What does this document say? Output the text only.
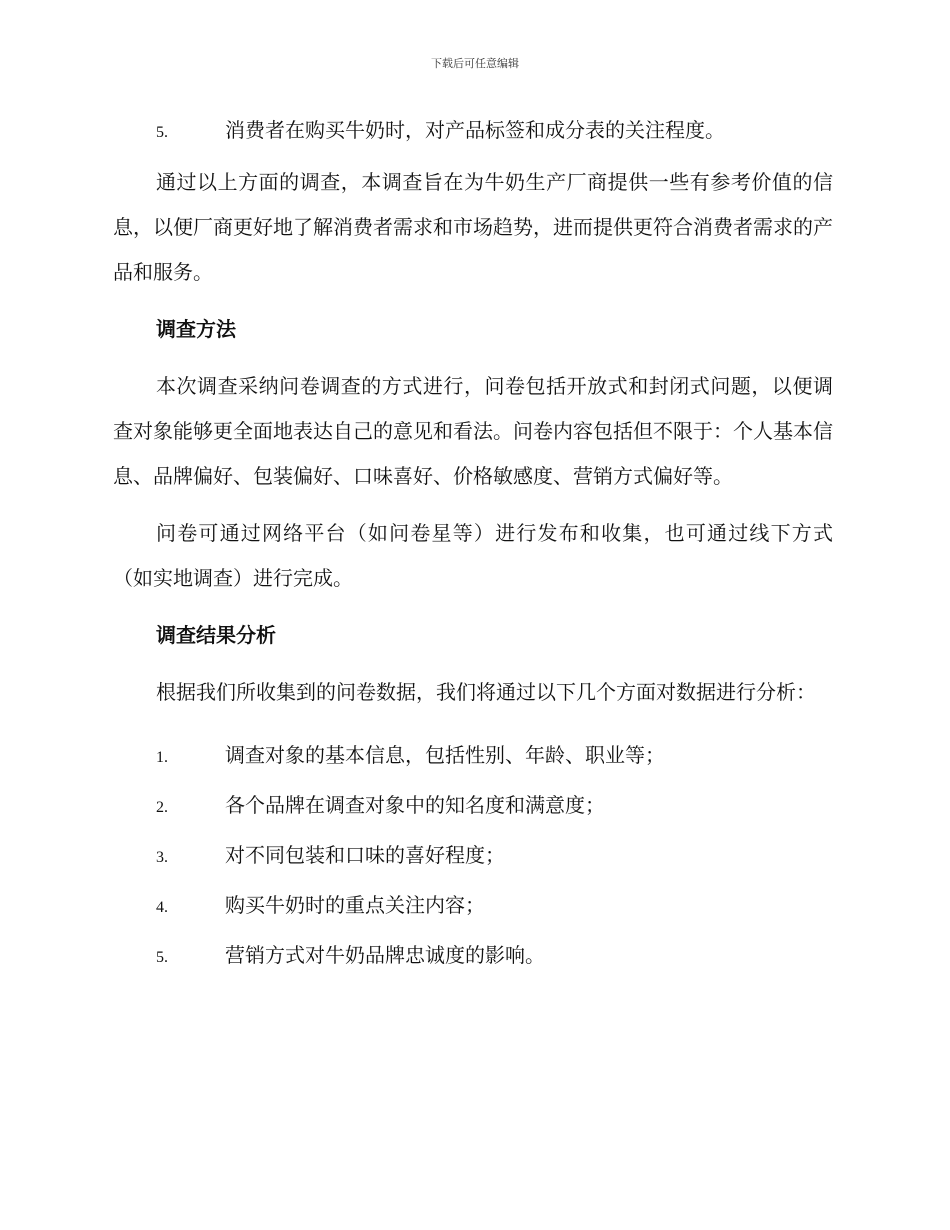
下载后可任意编辑
5.	消费者在购买牛奶时，对产品标签和成分表的关注程度。

通过以上方面的调查，本调查旨在为牛奶生产厂商提供一些有参考价值的信息，以便厂商更好地了解消费者需求和市场趋势，进而提供更符合消费者需求的产品和服务。

调查方法

本次调查采纳问卷调查的方式进行，问卷包括开放式和封闭式问题，以便调查对象能够更全面地表达自己的意见和看法。问卷内容包括但不限于：个人基本信息、品牌偏好、包装偏好、口味喜好、价格敏感度、营销方式偏好等。

问卷可通过网络平台（如问卷星等）进行发布和收集，也可通过线下方式（如实地调查）进行完成。

调查结果分析

根据我们所收集到的问卷数据，我们将通过以下几个方面对数据进行分析：

1.	调查对象的基本信息，包括性别、年龄、职业等；
2.	各个品牌在调查对象中的知名度和满意度；
3.	对不同包装和口味的喜好程度；
4.	购买牛奶时的重点关注内容；
5.	营销方式对牛奶品牌忠诚度的影响。
